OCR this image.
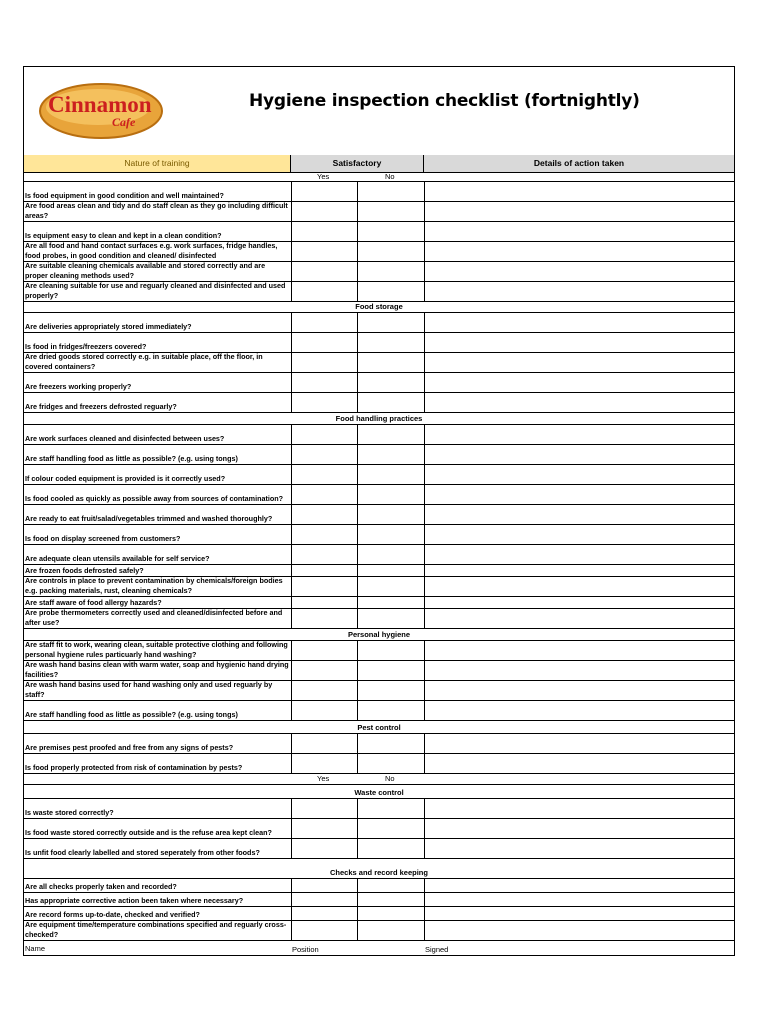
Cinnamon
Cafe
Hygiene inspection checklist (fortnightly)
Nature of training	Satisfactory	Details of action taken
Yes	No
Is food equipment in good condition and well maintained?
Are food areas clean and tidy and do staff clean as they go including difficult areas?
Is equipment easy to clean and kept in a clean condition?
Are all food and hand contact surfaces e.g. work surfaces, fridge handles, food probes, in good condition and cleaned/ disinfected
Are suitable cleaning chemicals available and stored correctly and are proper cleaning methods used?
Are cleaning suitable for use and reguarly cleaned and disinfected and used properly?
Food storage
Are deliveries appropriately stored immediately?
Is food in fridges/freezers covered?
Are dried goods stored correctly e.g. in suitable place, off the floor, in covered containers?
Are freezers working properly?
Are fridges and freezers defrosted reguarly?
Food handling practices
Are work surfaces cleaned and disinfected between uses?
Are staff handling food as little as possible? (e.g. using tongs)
If colour coded equipment is provided is it correctly used?
Is food cooled as quickly as possible away from sources of contamination?
Are ready to eat fruit/salad/vegetables trimmed and washed thoroughly?
Is food on display screened from customers?
Are adequate clean utensils available for self service?
Are frozen foods defrosted safely?
Are controls in place to prevent contamination by chemicals/foreign bodies e.g. packing materials, rust, cleaning chemicals?
Are staff aware of food allergy hazards?
Are probe thermometers correctly used and cleaned/disinfected before and after use?
Personal hygiene
Are staff fit to work, wearing clean, suitable protective clothing and following personal hygiene rules particuarly hand washing?
Are wash hand basins clean with warm water, soap and hygienic hand drying facilities?
Are wash hand basins used for hand washing only and used reguarly by staff?
Are staff handling food as little as possible? (e.g. using tongs)
Pest control
Are premises pest proofed and free from any signs of pests?
Is food properly protected from risk of contamination by pests?
Yes	No
Waste control
Is waste stored correctly?
Is food waste stored correctly outside and is the refuse area kept clean?
Is unfit food clearly labelled and stored seperately from other foods?
Checks and record keeping
Are all checks properly taken and recorded?
Has appropriate corrective action been taken where necessary?
Are record forms up-to-date, checked and verified?
Are equipment time/temperature combinations specified and reguarly cross-checked?
Name	Position	Signed
